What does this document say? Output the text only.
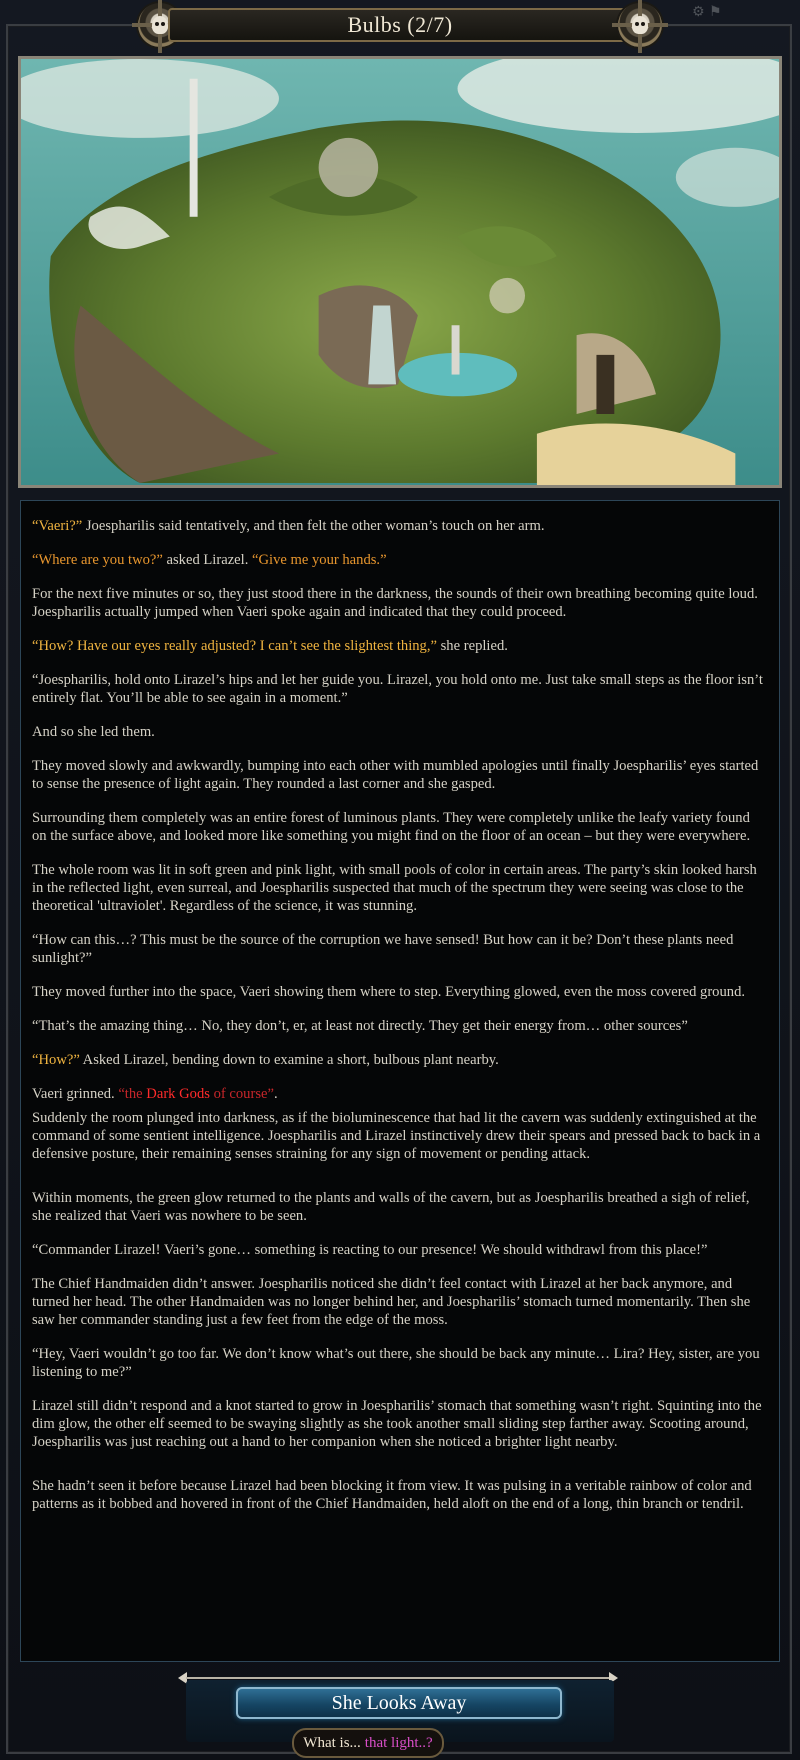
Bulbs (2/7)	⚙ ⚑

“Vaeri?” Joespharilis said tentatively, and then felt the other woman’s touch on her arm.

“Where are you two?” asked Lirazel. “Give me your hands.”

For the next five minutes or so, they just stood there in the darkness, the sounds of their own breathing becoming quite loud. Joespharilis actually jumped when Vaeri spoke again and indicated that they could proceed.

“How? Have our eyes really adjusted? I can’t see the slightest thing,” she replied.

“Joespharilis, hold onto Lirazel’s hips and let her guide you. Lirazel, you hold onto me. Just take small steps as the floor isn’t entirely flat. You’ll be able to see again in a moment.”

And so she led them.

They moved slowly and awkwardly, bumping into each other with mumbled apologies until finally Joespharilis’ eyes started to sense the presence of light again. They rounded a last corner and she gasped.

Surrounding them completely was an entire forest of luminous plants. They were completely unlike the leafy variety found on the surface above, and looked more like something you might find on the floor of an ocean – but they were everywhere.

The whole room was lit in soft green and pink light, with small pools of color in certain areas. The party’s skin looked harsh in the reflected light, even surreal, and Joespharilis suspected that much of the spectrum they were seeing was close to the theoretical 'ultraviolet'. Regardless of the science, it was stunning.

“How can this…? This must be the source of the corruption we have sensed! But how can it be? Don’t these plants need sunlight?”

They moved further into the space, Vaeri showing them where to step. Everything glowed, even the moss covered ground.

“That’s the amazing thing… No, they don’t, er, at least not directly. They get their energy from… other sources”

“How?” Asked Lirazel, bending down to examine a short, bulbous plant nearby.

Vaeri grinned. “the Dark Gods of course”.

Suddenly the room plunged into darkness, as if the bioluminescence that had lit the cavern was suddenly extinguished at the command of some sentient intelligence. Joespharilis and Lirazel instinctively drew their spears and pressed back to back in a defensive posture, their remaining senses straining for any sign of movement or pending attack.

Within moments, the green glow returned to the plants and walls of the cavern, but as Joespharilis breathed a sigh of relief, she realized that Vaeri was nowhere to be seen.

“Commander Lirazel! Vaeri’s gone… something is reacting to our presence! We should withdrawl from this place!”

The Chief Handmaiden didn’t answer. Joespharilis noticed she didn’t feel contact with Lirazel at her back anymore, and turned her head. The other Handmaiden was no longer behind her, and Joespharilis’ stomach turned momentarily. Then she saw her commander standing just a few feet from the edge of the moss.

“Hey, Vaeri wouldn’t go too far. We don’t know what’s out there, she should be back any minute… Lira? Hey, sister, are you listening to me?”

Lirazel still didn’t respond and a knot started to grow in Joespharilis’ stomach that something wasn’t right. Squinting into the dim glow, the other elf seemed to be swaying slightly as she took another small sliding step farther away. Scooting around, Joespharilis was just reaching out a hand to her companion when she noticed a brighter light nearby.

She hadn’t seen it before because Lirazel had been blocking it from view. It was pulsing in a veritable rainbow of color and patterns as it bobbed and hovered in front of the Chief Handmaiden, held aloft on the end of a long, thin branch or tendril.

She Looks Away
What is... that light..?
